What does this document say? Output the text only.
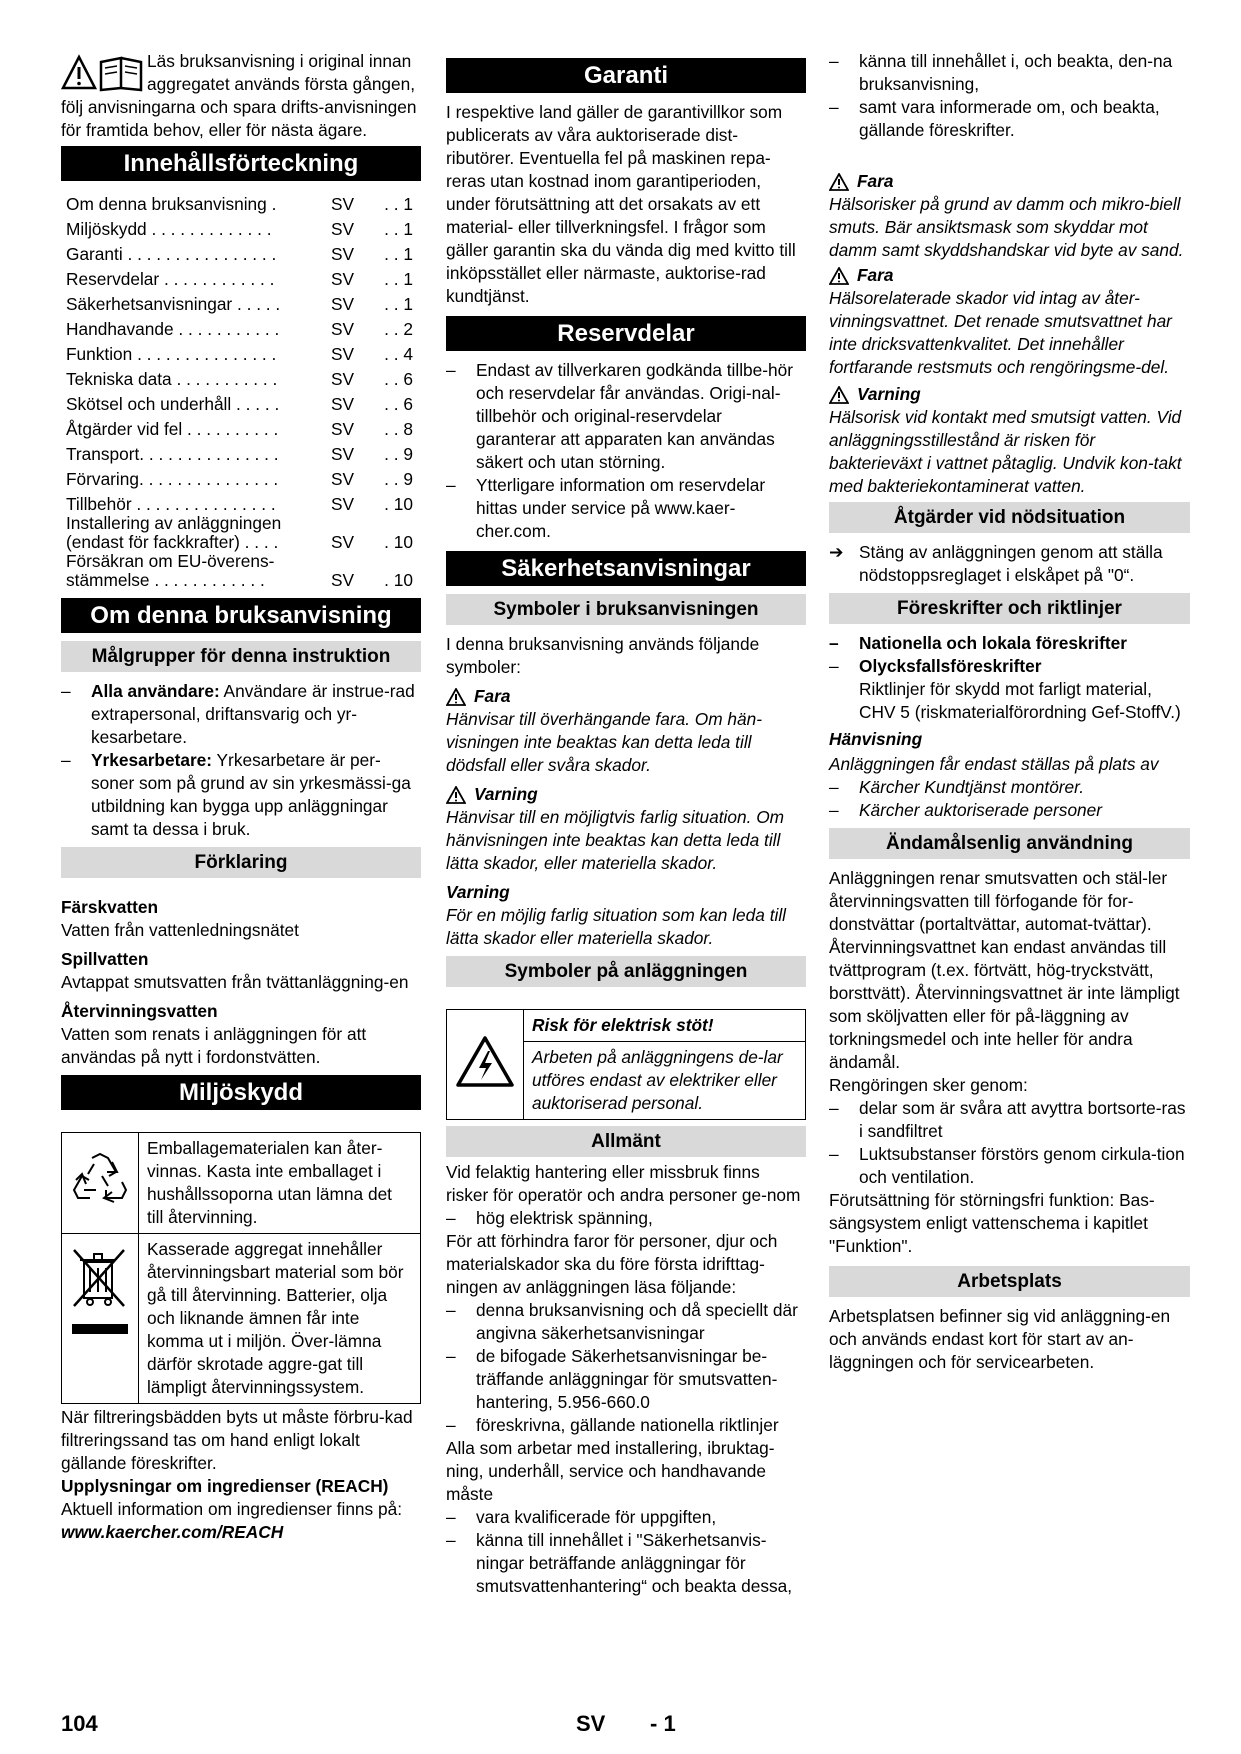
Läs bruksanvisning i original innan aggregatet används första gången, följ anvisningarna och spara drifts-anvisningen för framtida behov, eller för nästa ägare.

Innehållsförteckning
Om denna bruksanvisning .	SV	. . 1
Miljöskydd . . . . . . . . . . . . .	SV	. . 1
Garanti . . . . . . . . . . . . . . . .	SV	. . 1
Reservdelar . . . . . . . . . . . .	SV	. . 1
Säkerhetsanvisningar . . . . .	SV	. . 1
Handhavande . . . . . . . . . . .	SV	. . 2
Funktion . . . . . . . . . . . . . . .	SV	. . 4
Tekniska data . . . . . . . . . . .	SV	. . 6
Skötsel och underhåll . . . . .	SV	. . 6
Åtgärder vid fel . . . . . . . . . .	SV	. . 8
Transport. . . . . . . . . . . . . . .	SV	. . 9
Förvaring. . . . . . . . . . . . . . .	SV	. . 9
Tillbehör . . . . . . . . . . . . . . .	SV	. 10
Installering av anläggningen (endast för fackkrafter) . . . .	SV	. 10
Försäkran om EU-överens-stämmelse . . . . . . . . . . . .	SV	. 10
Om denna bruksanvisning
Målgrupper för denna instruktion
– Alla användare: Användare är instrue-rad extrapersonal, driftansvarig och yr-kesarbetare.
– Yrkesarbetare: Yrkesarbetare är per-soner som på grund av sin yrkesmässi-ga utbildning kan bygga upp anläggningar samt ta dessa i bruk.
Förklaring

Färskvatten

Vatten från vattenledningsnätet

Spillvatten

Avtappat smutsvatten från tvättanläggning-en

Återvinningsvatten

Vatten som renats i anläggningen för att användas på nytt i fordonstvätten.

Miljöskydd
	Emballagematerialen kan åter-vinnas. Kasta inte emballaget i hushållssoporna utan lämna det till återvinning.
	Kasserade aggregat innehåller återvinningsbart material som bör gå till återvinning. Batterier, olja och liknande ämnen får inte komma ut i miljön. Över-lämna därför skrotade aggre-gat till lämpligt återvinningssystem.

När filtreringsbädden byts ut måste förbru-kad filtreringssand tas om hand enligt lokalt gällande föreskrifter.

Upplysningar om ingredienser (REACH)

Aktuell information om ingredienser finns på:

www.kaercher.com/REACH

Garanti

I respektive land gäller de garantivillkor som publicerats av våra auktoriserade dist-ributörer. Eventuella fel på maskinen repa-reras utan kostnad inom garantiperioden, under förutsättning att det orsakats av ett material- eller tillverkningsfel. I frågor som gäller garantin ska du vända dig med kvitto till inköpsstället eller närmaste, auktorise-rad kundtjänst.

Reservdelar
– Endast av tillverkaren godkända tillbe-hör och reservdelar får användas. Origi-nal-tillbehör och original-reservdelar garanterar att apparaten kan användas säkert och utan störning.
– Ytterligare information om reservdelar hittas under service på www.kaer-cher.com.
Säkerhetsanvisningar
Symboler i bruksanvisningen

I denna bruksanvisning används följande symboler:

Fara

Hänvisar till överhängande fara. Om hän-visningen inte beaktas kan detta leda till dödsfall eller svåra skador.

Varning

Hänvisar till en möjligtvis farlig situation. Om hänvisningen inte beaktas kan detta leda till lätta skador, eller materiella skador.

Varning

För en möjlig farlig situation som kan leda till lätta skador eller materiella skador.

Symboler på anläggningen
	Risk för elektrisk stöt!
Arbeten på anläggningens de-lar utföres endast av elektriker eller auktoriserad personal.
Allmänt

Vid felaktig hantering eller missbruk finns risker för operatör och andra personer ge-nom

– hög elektrisk spänning,

För att förhindra faror för personer, djur och materialskador ska du före första idrifttag-ningen av anläggningen läsa följande:

– denna bruksanvisning och då speciellt där angivna säkerhetsanvisningar
– de bifogade Säkerhetsanvisningar be-träffande anläggningar för smutsvatten-hantering, 5.956-660.0
– föreskrivna, gällande nationella riktlinjer

Alla som arbetar med installering, ibruktag-ning, underhåll, service och handhavande måste

– vara kvalificerade för uppgiften,
– känna till innehållet i "Säkerhetsanvis-ningar beträffande anläggningar för smutsvattenhantering“ och beakta dessa,
– känna till innehållet i, och beakta, den-na bruksanvisning,
– samt vara informerade om, och beakta, gällande föreskrifter.
Fara

Hälsorisker på grund av damm och mikro-biell smuts. Bär ansiktsmask som skyddar mot damm samt skyddshandskar vid byte av sand.

Fara

Hälsorelaterade skador vid intag av åter-vinningsvattnet. Det renade smutsvattnet har inte dricksvattenkvalitet. Det innehåller fortfarande restsmuts och rengöringsme-del.

Varning

Hälsorisk vid kontakt med smutsigt vatten. Vid anläggningsstillestånd är risken för bakterieväxt i vattnet påtaglig. Undvik kon-takt med bakteriekontaminerat vatten.

Åtgärder vid nödsituation
➔ Stäng av anläggningen genom att ställa nödstoppsreglaget i elskåpet på "0“.
Föreskrifter och riktlinjer
– Nationella och lokala föreskrifter
– Olycksfallsföreskrifter
Riktlinjer för skydd mot farligt material, CHV 5 (riskmaterialförordning Gef-StoffV.)

Hänvisning

Anläggningen får endast ställas på plats av

– Kärcher Kundtjänst montörer.
– Kärcher auktoriserade personer
Ändamålsenlig användning

Anläggningen renar smutsvatten och stäl-ler återvinningsvatten till förfogande för for-donstvättar (portaltvättar, automat-tvättar). Återvinningsvattnet kan endast användas till tvättprogram (t.ex. förtvätt, hög-tryckstvätt, borsttvätt). Återvinningsvattnet är inte lämpligt som sköljvatten eller för på-läggning av torkningsmedel och inte heller för andra ändamål.

Rengöringen sker genom:

– delar som är svåra att avyttra bortsorte-ras i sandfiltret
– Luktsubstanser förstörs genom cirkula-tion och ventilation.

Förutsättning för störningsfri funktion: Bas-sängsystem enligt vattenschema i kapitlet "Funktion".

Arbetsplats

Arbetsplatsen befinner sig vid anläggning-en och används endast kort för start av an-läggningen och för servicearbeten.

104	SV - 1
